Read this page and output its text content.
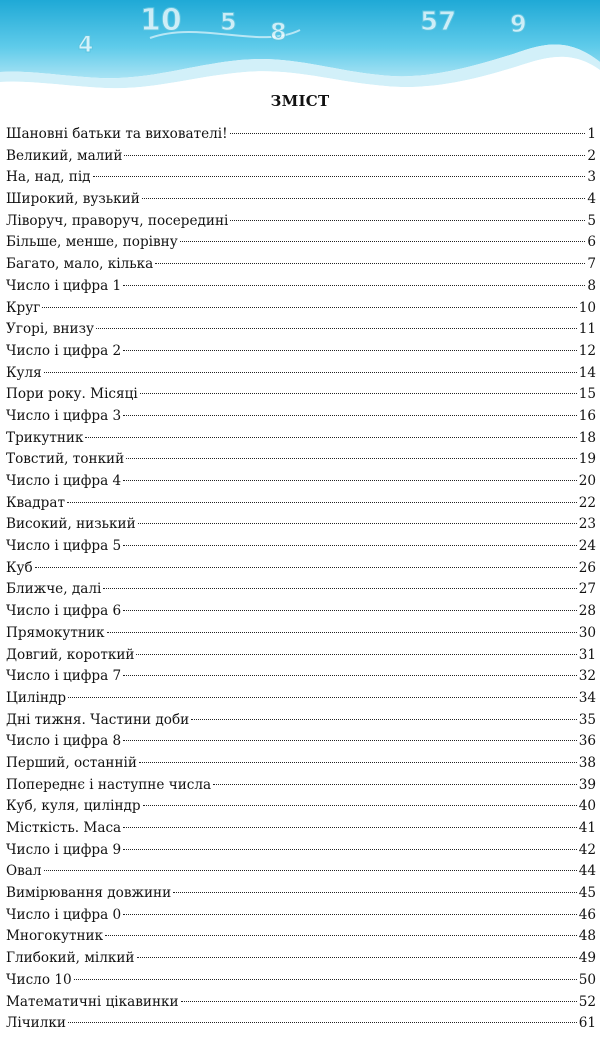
4
10 5 8	57 9
ЗМІСТ
Шановні батьки та вихователі!	1
Великий, малий	2
На, над, під	3
Широкий, вузький	4
Ліворуч, праворуч, посередині	5
Більше, менше, порівну	6
Багато, мало, кілька	7
Число і цифра 1	8
Круг	10
Угорі, внизу	11
Число і цифра 2	12
Куля	14
Пори року. Місяці	15
Число і цифра 3	16
Трикутник	18
Товстий, тонкий	19
Число і цифра 4	20
Квадрат	22
Високий, низький	23
Число і цифра 5	24
Куб	26
Ближче, далі	27
Число і цифра 6	28
Прямокутник	30
Довгий, короткий	31
Число і цифра 7	32
Циліндр	34
Дні тижня. Частини доби	35
Число і цифра 8	36
Перший, останній	38
Попереднє і наступне числа	39
Куб, куля, циліндр	40
Місткість. Маса	41
Число і цифра 9	42
Овал	44
Вимірювання довжини	45
Число і цифра 0	46
Многокутник	48
Глибокий, мілкий	49
Число 10	50
Математичні цікавинки	52
Лічилки	61
